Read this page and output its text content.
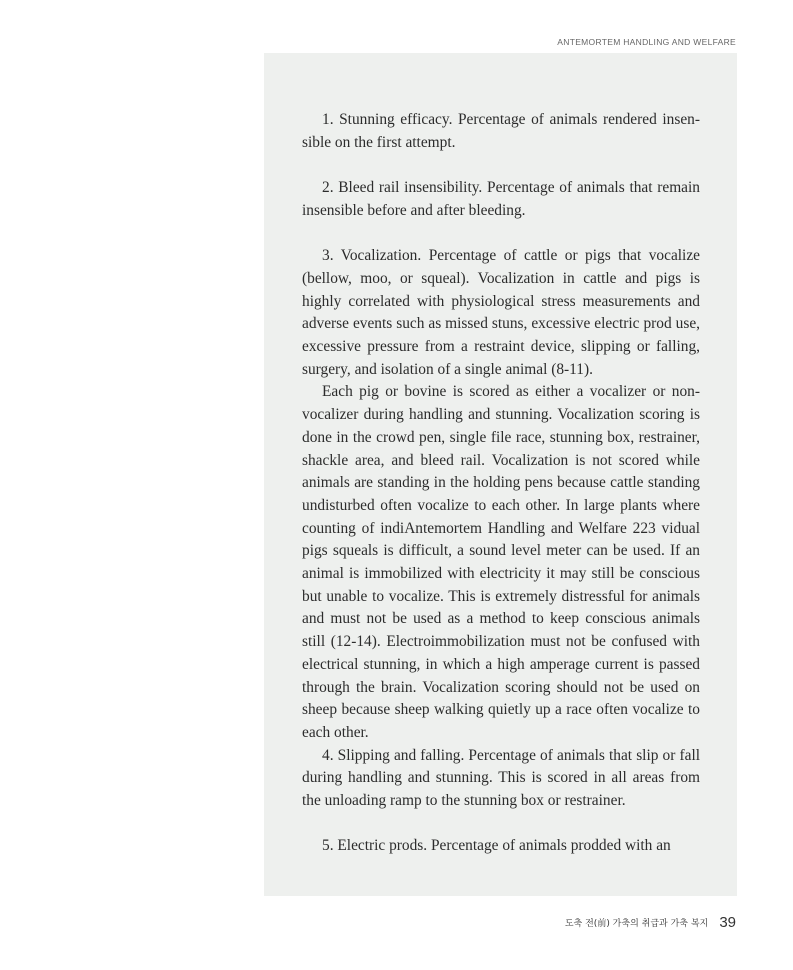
ANTEMORTEM HANDLING AND WELFARE

1. Stunning efficacy. Percentage of animals rendered insensible on the first attempt.

2. Bleed rail insensibility. Percentage of animals that remain insensible before and after bleeding.

3. Vocalization. Percentage of cattle or pigs that vocalize (bellow, moo, or squeal). Vocalization in cattle and pigs is highly correlated with physiological stress measurements and adverse events such as missed stuns, excessive electric prod use, excessive pressure from a restraint device, slipping or falling, surgery, and isolation of a single animal (8-11).

Each pig or bovine is scored as either a vocalizer or non-vocalizer during handling and stunning. Vocalization scoring is done in the crowd pen, single file race, stunning box, restrainer, shackle area, and bleed rail. Vocalization is not scored while animals are standing in the holding pens because cattle standing undisturbed often vocalize to each other. In large plants where counting of indiAntemortem Handling and Welfare 223 vidual pigs squeals is difficult, a sound level meter can be used. If an animal is immobilized with electricity it may still be conscious but unable to vocalize. This is extremely distressful for animals and must not be used as a method to keep conscious animals still (12-14). Electroimmobilization must not be confused with electrical stunning, in which a high amperage current is passed through the brain. Vocalization scoring should not be used on sheep because sheep walking quietly up a race often vocalize to each other.

4. Slipping and falling. Percentage of animals that slip or fall during handling and stunning. This is scored in all areas from the unloading ramp to the stunning box or restrainer.

5. Electric prods. Percentage of animals prodded with an

도축 전(前) 가축의 취급과 가축 복지 39
